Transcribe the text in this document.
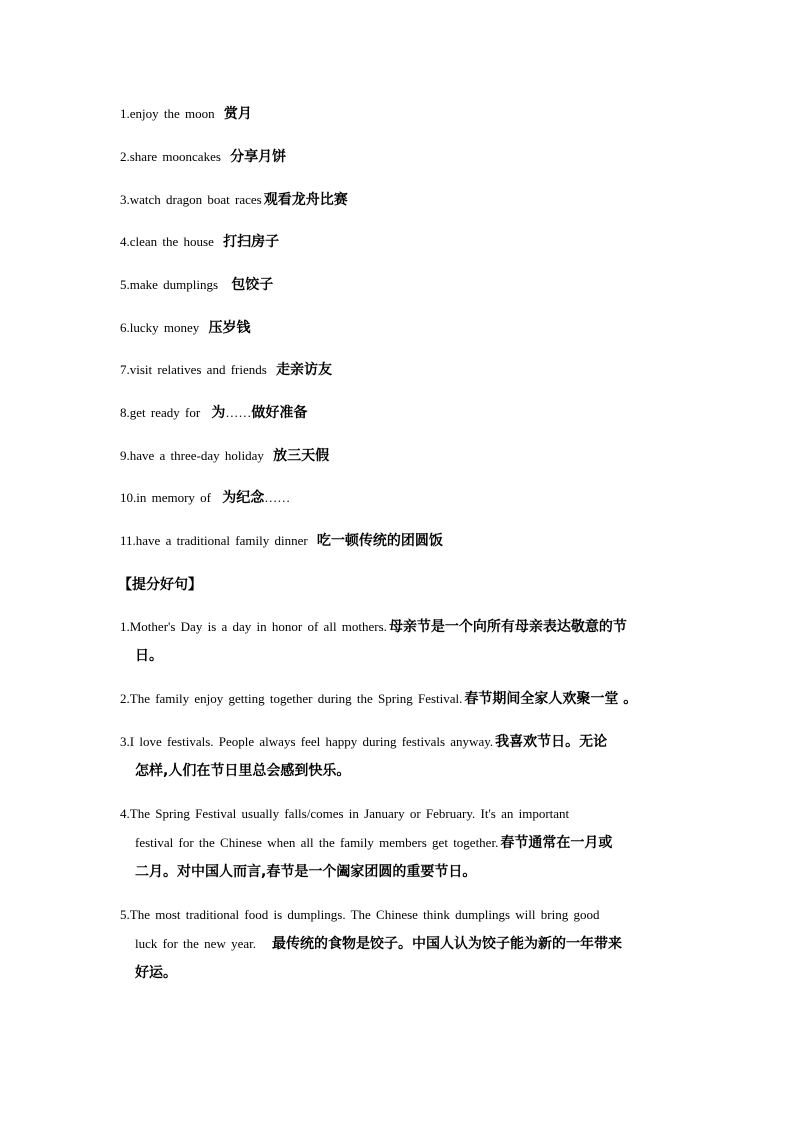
1.enjoy the moon 赏月
2.share mooncakes 分享月饼
3.watch dragon boat races 观看龙舟比赛
4.clean the house 打扫房子
5.make dumplings 包饺子
6.lucky money 压岁钱
7.visit relatives and friends 走亲访友
8.get ready for 为……做好准备
9.have a three-day holiday 放三天假
10.in memory of 为纪念……
11.have a traditional family dinner 吃一顿传统的团圆饭
【提分好句】
1.Mother's Day is a day in honor of all mothers. 母亲节是一个向所有母亲表达敬意的节
日。
2.The family enjoy getting together during the Spring Festival. 春节期间全家人欢聚一堂 。
3.I love festivals. People always feel happy during festivals anyway. 我喜欢节日。无论
怎样,人们在节日里总会感到快乐。
4.The Spring Festival usually falls/comes in January or February. It's an important
festival for the Chinese when all the family members get together. 春节通常在一月或
二月。对中国人而言,春节是一个阖家团圆的重要节日。
5.The most traditional food is dumplings. The Chinese think dumplings will bring good
luck for the new year. 最传统的食物是饺子。中国人认为饺子能为新的一年带来
好运。
